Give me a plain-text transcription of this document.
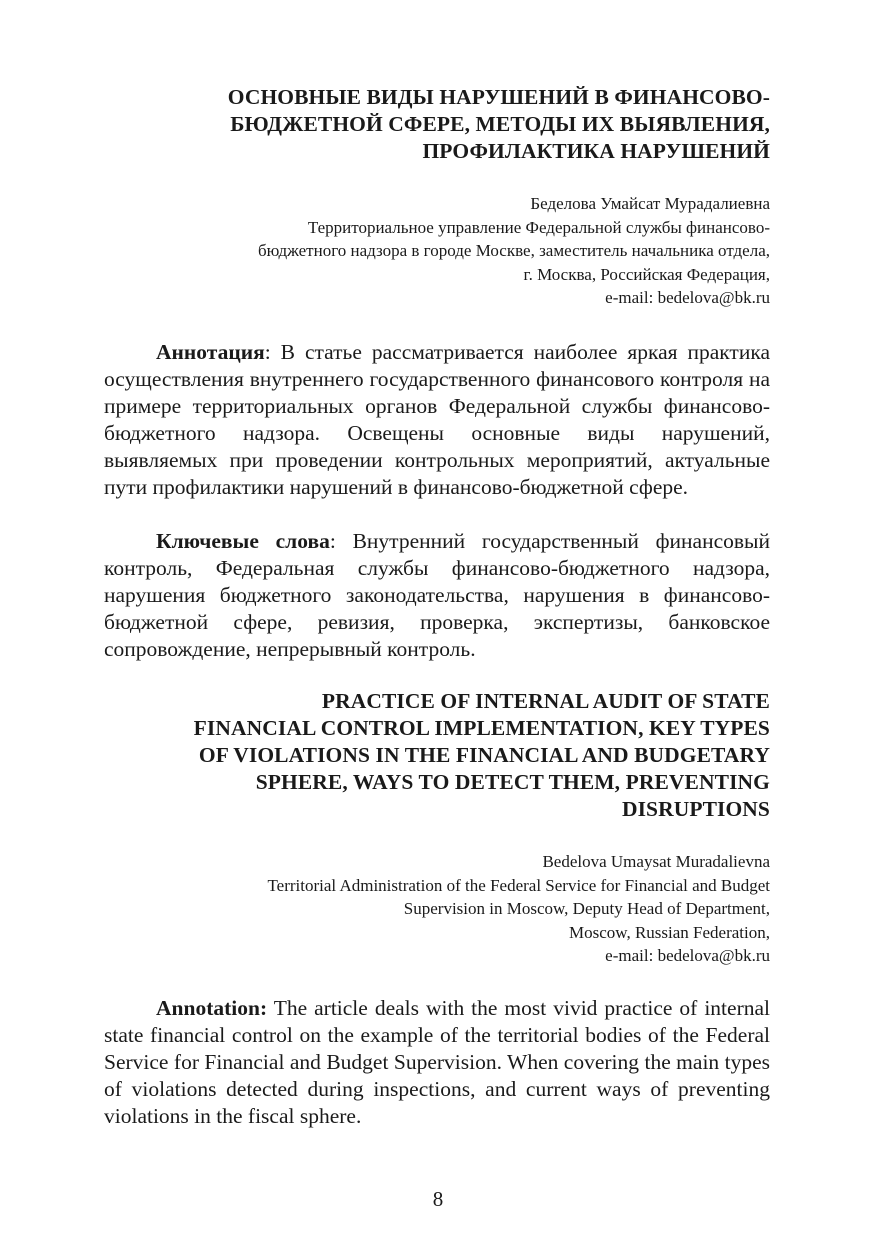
ОСНОВНЫЕ ВИДЫ НАРУШЕНИЙ В ФИНАНСОВО-
БЮДЖЕТНОЙ СФЕРЕ, МЕТОДЫ ИХ ВЫЯВЛЕНИЯ,
ПРОФИЛАКТИКА НАРУШЕНИЙ
Беделова Умайсат Мурадалиевна
Территориальное управление Федеральной службы финансово-
бюджетного надзора в городе Москве, заместитель начальника отдела,
г. Москва, Российская Федерация,
e-mail: bedelova@bk.ru

Аннотация: В статье рассматривается наиболее яркая практика осуществления внутреннего государственного финансового контроля на примере территориальных органов Федеральной службы финансово-бюджетного надзора. Освещены основные виды нарушений, выявляемых при проведении контрольных мероприятий, актуальные пути профилактики нарушений в финансово-бюджетной сфере.

Ключевые слова: Внутренний государственный финансовый контроль, Федеральная службы финансово-бюджетного надзора, нарушения бюджетного законодательства, нарушения в финансово-бюджетной сфере, ревизия, проверка, экспертизы, банковское сопровождение, непрерывный контроль.

PRACTICE OF INTERNAL AUDIT OF STATE
FINANCIAL CONTROL IMPLEMENTATION, KEY TYPES
OF VIOLATIONS IN THE FINANCIAL AND BUDGETARY
SPHERE, WAYS TO DETECT THEM, PREVENTING
DISRUPTIONS
Bedelova Umaysat Muradalievna
Territorial Administration of the Federal Service for Financial and Budget
Supervision in Moscow, Deputy Head of Department,
Moscow, Russian Federation,
e-mail: bedelova@bk.ru

Annotation: The article deals with the most vivid practice of internal state financial control on the example of the territorial bodies of the Federal Service for Financial and Budget Supervision. When covering the main types of violations detected during inspections, and current ways of preventing violations in the fiscal sphere.

8
